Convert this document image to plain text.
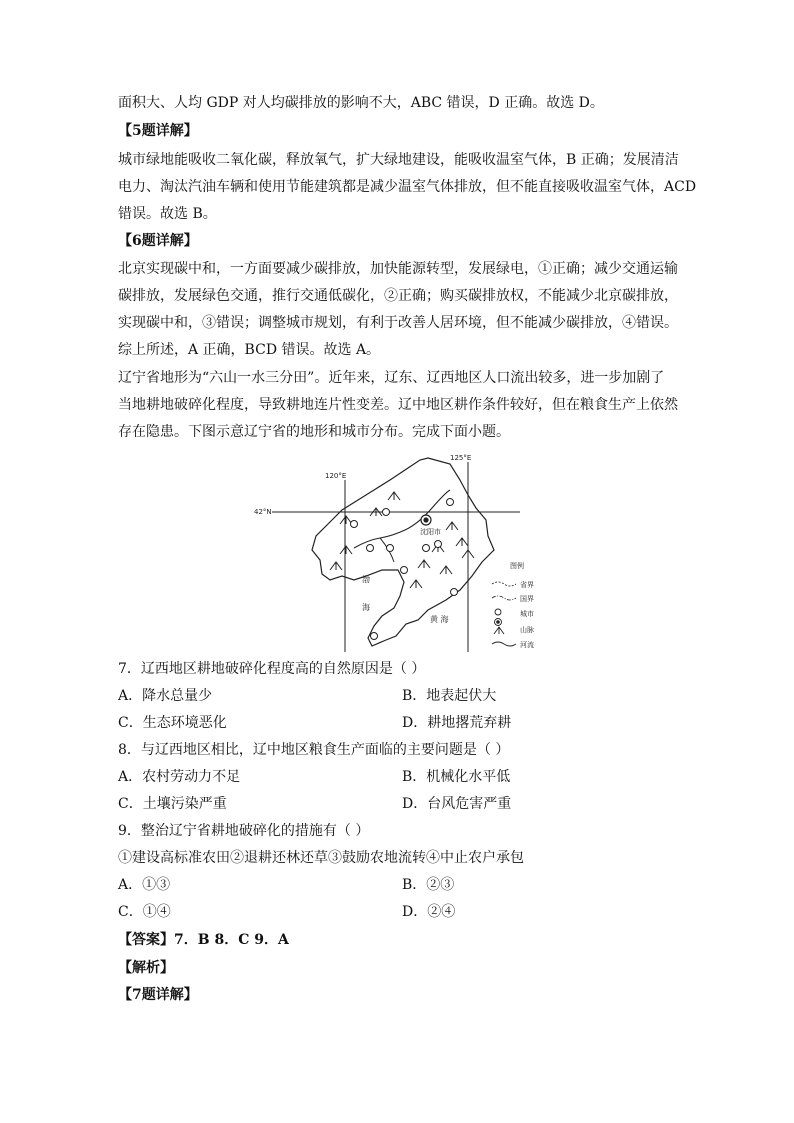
面积大、人均 GDP 对人均碳排放的影响不大，ABC 错误，D 正确。故选 D。
【5题详解】
城市绿地能吸收二氧化碳，释放氧气，扩大绿地建设，能吸收温室气体，B 正确；发展清洁
电力、淘汰汽油车辆和使用节能建筑都是减少温室气体排放，但不能直接吸收温室气体，ACD
错误。故选 B。
【6题详解】
北京实现碳中和，一方面要减少碳排放，加快能源转型，发展绿电，①正确；减少交通运输
碳排放，发展绿色交通，推行交通低碳化，②正确；购买碳排放权，不能减少北京碳排放，
实现碳中和，③错误；调整城市规划，有利于改善人居环境，但不能减少碳排放，④错误。
综上所述，A 正确，BCD 错误。故选 A。
辽宁省地形为“六山一水三分田”。近年来，辽东、辽西地区人口流出较多，进一步加剧了
当地耕地破碎化程度，导致耕地连片性变差。辽中地区耕作条件较好，但在粮食生产上依然
存在隐患。下图示意辽宁省的地形和城市分布。完成下面小题。
120°E
125°E
42°N
沈阳市
渤
海
黄 海
图例
省界
国界
城市
山脉
河流
7．辽西地区耕地破碎化程度高的自然原因是（ ）
A．降水总量少	B．地表起伏大
C．生态环境恶化	D．耕地撂荒弃耕
8．与辽西地区相比，辽中地区粮食生产面临的主要问题是（ ）
A．农村劳动力不足	B．机械化水平低
C．土壤污染严重	D．台风危害严重
9．整治辽宁省耕地破碎化的措施有（ ）
①建设高标准农田②退耕还林还草③鼓励农地流转④中止农户承包
A．①③	B．②③
C．①④	D．②④
【答案】7．B 8．C 9．A
【解析】
【7题详解】
